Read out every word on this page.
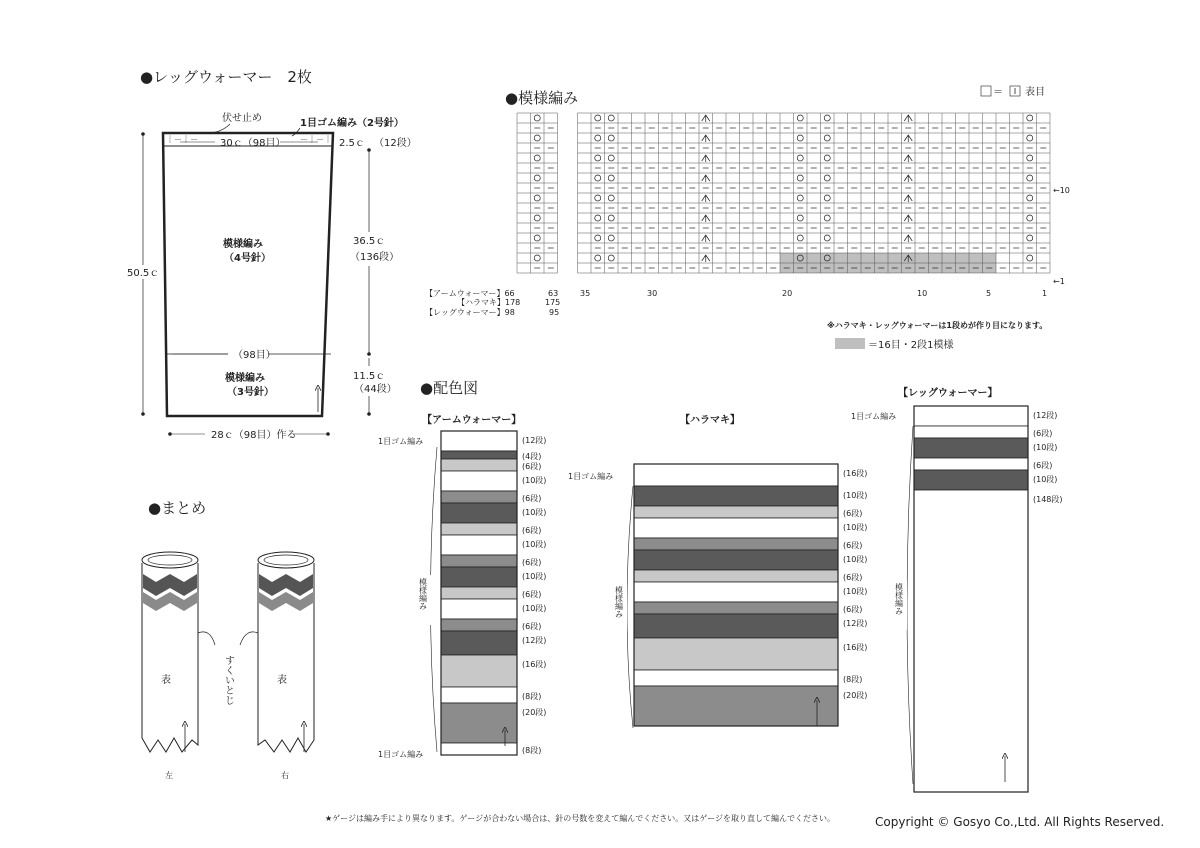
●レッグウォーマー　2枚
｜－｜－	－｜－｜
伏せ止め	1目ゴム編み（2号針）
30ｃ（98目）	2.5ｃ （12段）
模様編み
（4号針）
50.5ｃ
36.5ｃ
（136段）
11.5ｃ
（44段）
（98目）
模様編み
（3号針）
28ｃ（98目）作る
●模様編み	＝ 表目
←10
←1
35	30	20	10	5	1
【アームウォーマー】66	63
【ハラマキ】178	175
【レッグウォーマー】98	95
※ハラマキ・レッグウォーマーは1段めが作り目になります。
＝16目・2段1模様
●配色図
【アームウォーマー】
1目ゴム編み
1目ゴム編み
模様編み
(12段)
(4段)
(6段)
(10段)
(6段)
(10段)
(6段)
(10段)
(6段)
(10段)
(6段)
(10段)
(6段)
(12段)
(16段)
(8段)
(20段)
(8段)
【ハラマキ】
1目ゴム編み
模様編み
(16段)
(10段)
(6段)
(10段)
(6段)
(10段)
(6段)
(10段)
(6段)
(12段)
(16段)
(8段)
(20段)
【レッグウォーマー】
1目ゴム編み
模様編み
(12段)
(6段)
(10段)
(6段)
(10段)
(148段)
●まとめ
表
左
表
右
すくいとじ
★ゲージは編み手により異なります。ゲージが合わない場合は、針の号数を変えて編んでください。又はゲージを取り直して編んでください。	Copyright © Gosyo Co.,Ltd. All Rights Reserved.
